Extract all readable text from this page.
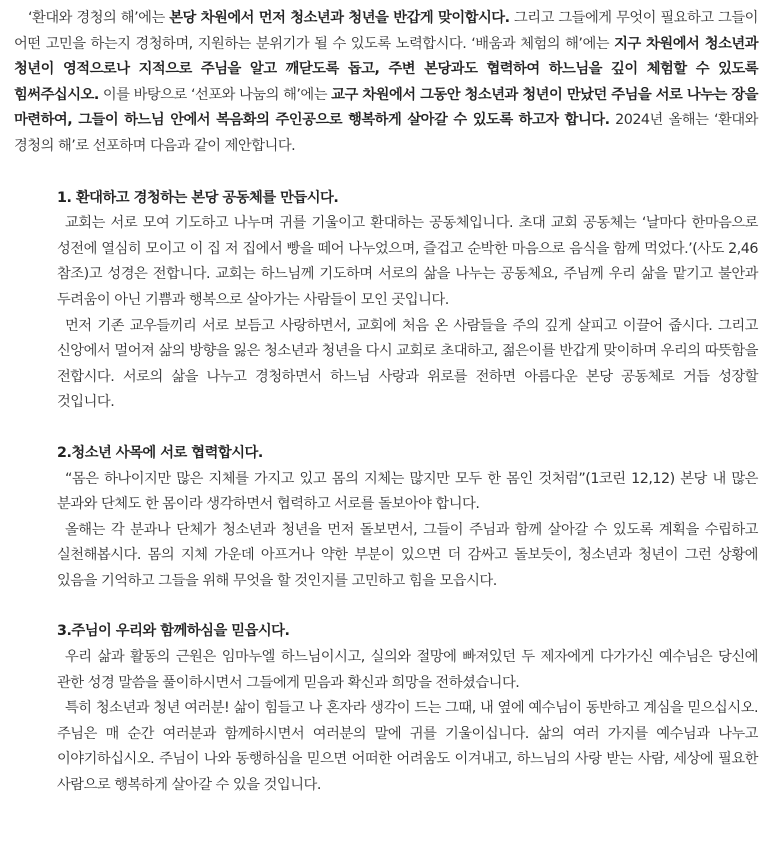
‘환대와 경청의 해’에는 본당 차원에서 먼저 청소년과 청년을 반갑게 맞이합시다. 그리고 그들에게 무엇이 필요하고 그들이 어떤 고민을 하는지 경청하며, 지원하는 분위기가 될 수 있도록 노력합시다. ‘배움과 체험의 해’에는 지구 차원에서 청소년과 청년이 영적으로나 지적으로 주님을 알고 깨닫도록 돕고, 주변 본당과도 협력하여 하느님을 깊이 체험할 수 있도록 힘써주십시오. 이를 바탕으로 ‘선포와 나눔의 해’에는 교구 차원에서 그동안 청소년과 청년이 만났던 주님을 서로 나누는 장을 마련하여, 그들이 하느님 안에서 복음화의 주인공으로 행복하게 살아갈 수 있도록 하고자 합니다. 2024년 올해는 ‘환대와 경청의 해’로 선포하며 다음과 같이 제안합니다.

1. 환대하고 경청하는 본당 공동체를 만듭시다.

교회는 서로 모여 기도하고 나누며 귀를 기울이고 환대하는 공동체입니다. 초대 교회 공동체는 ‘날마다 한마음으로 성전에 열심히 모이고 이 집 저 집에서 빵을 떼어 나누었으며, 즐겁고 순박한 마음으로 음식을 함께 먹었다.’(사도 2,46 참조)고 성경은 전합니다. 교회는 하느님께 기도하며 서로의 삶을 나누는 공동체요, 주님께 우리 삶을 맡기고 불안과 두려움이 아닌 기쁨과 행복으로 살아가는 사람들이 모인 곳입니다.

먼저 기존 교우들끼리 서로 보듬고 사랑하면서, 교회에 처음 온 사람들을 주의 깊게 살피고 이끌어 줍시다. 그리고 신앙에서 멀어져 삶의 방향을 잃은 청소년과 청년을 다시 교회로 초대하고, 젊은이를 반갑게 맞이하며 우리의 따뜻함을 전합시다. 서로의 삶을 나누고 경청하면서 하느님 사랑과 위로를 전하면 아름다운 본당 공동체로 거듭 성장할 것입니다.

2.청소년 사목에 서로 협력합시다.

“몸은 하나이지만 많은 지체를 가지고 있고 몸의 지체는 많지만 모두 한 몸인 것처럼”(1코린 12,12) 본당 내 많은 분과와 단체도 한 몸이라 생각하면서 협력하고 서로를 돌보아야 합니다.

올해는 각 분과나 단체가 청소년과 청년을 먼저 돌보면서, 그들이 주님과 함께 살아갈 수 있도록 계획을 수립하고 실천해봅시다. 몸의 지체 가운데 아프거나 약한 부분이 있으면 더 감싸고 돌보듯이, 청소년과 청년이 그런 상황에 있음을 기억하고 그들을 위해 무엇을 할 것인지를 고민하고 힘을 모읍시다.

3.주님이 우리와 함께하심을 믿읍시다.

우리 삶과 활동의 근원은 임마누엘 하느님이시고, 실의와 절망에 빠져있던 두 제자에게 다가가신 예수님은 당신에 관한 성경 말씀을 풀이하시면서 그들에게 믿음과 확신과 희망을 전하셨습니다.

특히 청소년과 청년 여러분! 삶이 힘들고 나 혼자라 생각이 드는 그때, 내 옆에 예수님이 동반하고 계심을 믿으십시오. 주님은 매 순간 여러분과 함께하시면서 여러분의 말에 귀를 기울이십니다. 삶의 여러 가지를 예수님과 나누고 이야기하십시오. 주님이 나와 동행하심을 믿으면 어떠한 어려움도 이겨내고, 하느님의 사랑 받는 사람, 세상에 필요한 사람으로 행복하게 살아갈 수 있을 것입니다.
